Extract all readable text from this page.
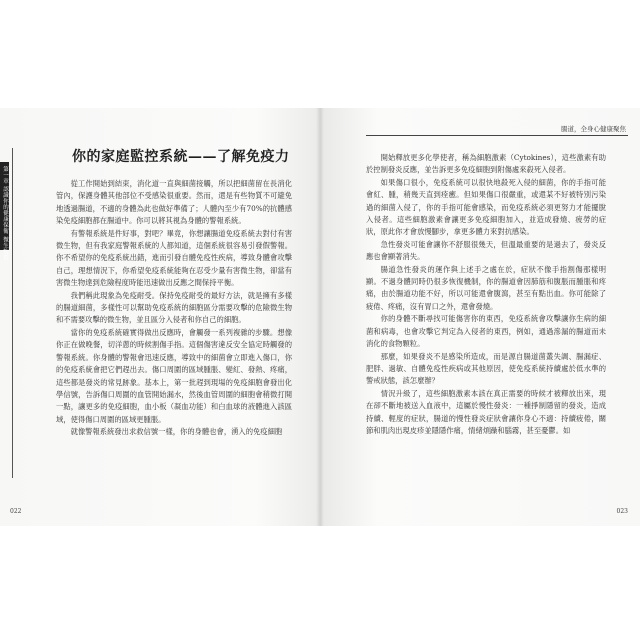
第一章 認識你的健康保衛 微生物群
你的家庭監控系統——了解免疫力

從工作開始到結束，消化道一直與細菌接觸，所以把細菌留在長消化管內，保護身體其他部位不受感染很重要。然而，還是有些物質不可避免地透過腸道，不適的身體為此也做好準備了；人體內至少有70%的抗體感染免疫細胞都在腸道中。你可以將其視為身體的警報系統。

有警報系統是件好事，對吧？畢竟，你想讓腸道免疫系統去對付有害微生物，但有我家庭警報系統的人都知道，這個系統很容易引發假警報。你不希望你的免疫系統出錯，進而引發自體免疫性疾病，導致身體會攻擊自己，理想情況下，你希望免疫系統能夠在忍受少量有害微生物，卻當有害微生物達到危險程度時能迅速做出反應之間保持平衡。

我們稱此現象為免疫耐受。保持免疫耐受的最好方法，就是擁有多樣的腸道細菌，多樣性可以幫助免疫系統的細胞區分需要攻擊的危險微生物和不需要攻擊的微生物，並且區分入侵者和你自己的細胞。

當你的免疫系統確實得做出反應時，會觸發一系列複雜的步驟。想像你正在做晚餐，切洋蔥的時候割傷手指。這個傷害違反安全協定時觸發的警報系統。你身體的警報會迅速反應，導致中的細菌會立即進入傷口，你的免疫系統會把它們趕出去。傷口周圍的區域腫脹、變紅、發熱、疼痛，這些都是發炎的常見跡象。基本上，第一批趕到現場的免疫細胞會發出化學信號，告訴傷口周圍的血管開始漏水，然後血管周圍的細胞會稍微打開一點，讓更多的免疫細胞，血小板（凝血功能）和白血球的液體進入該區域，使得傷口周圍的區域更腫脹。

就像警報系統發出求救信號一樣，你的身體也會，湧入的免疫細胞

022
腸道，全身心健康聚焦

開始釋放更多化學使者，稱為細胞激素（Cytokines），這些激素有助於控制發炎反應，並告訴更多免疫細胞到附傷處來殺死入侵者。

如果傷口很小，免疫系統可以很快地殺死入侵的細菌，你的手指可能會紅、腫，稍幾天直到痊癒。但如果傷口很嚴重，或還某不好被特別污染過的細菌入侵了，你的手指可能會感染，而免疫系統必須更努力才能擺脫入侵者。這些細胞激素會讓更多免疫細胞加入，並造成發燒、疲勞的症狀，原此你才會放慢腳步，拿更多體力來對抗感染。

急性發炎可能會讓你不舒服很幾天，但溫最重要的是過去了，發炎反應也會顯著消失。

腸道急性發炎的運作與上述手之處在於，症狀不像手指割傷那樣明顯。不過身體同時仍很多恢復機制，你的腸道會因肺筋和腹脹而腫脹和疼痛，由於腸道功能不好，所以可能還會腹瀉，甚至有點出血。你可能除了疲倦、疼痛，沒有胃口之外，還會發燒。

你的身體不斷尋找可能傷害你的東西，免疫系統會攻擊讓你生病的細菌和病毒，也會攻擊它判定為入侵者的東西，例如，通過滲漏的腸道而未消化的食物顆粒。

那麼，如果發炎不是感染所造成，而是源自腸道菌叢失調、腸漏症、肥胖、過敏、自體免疫性疾病或其他原因，使免疫系統持續處於低水準的警戒狀態，該怎麼辦？

情況升級了，這些細胞激素本該在真正需要的時候才被釋放出來，現在卻不斷地被送入血液中，這屬於慢性發炎：一種掙制隱留的發炎，造成持續、輕度的症狀，腸道的慢性發炎症狀會讓你身心不適：持續疲倦，關節和肌肉出現皮疹並隱隱作痛，情緒煩躁和腦霧，甚至憂鬱。如

023
